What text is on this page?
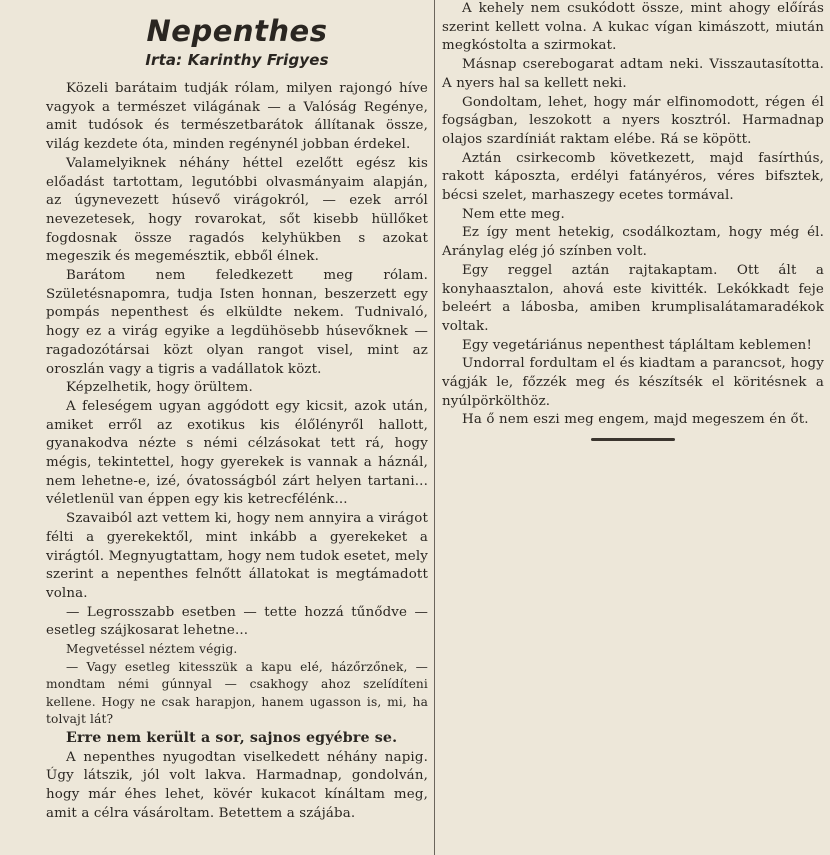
Nepenthes
Irta: Karinthy Frigyes

Közeli barátaim tudják rólam, milyen rajongó híve vagyok a természet világának — a Valóság Regénye, amit tudósok és természetbarátok állítanak össze, világ kezdete óta, minden regénynél jobban érdekel.

Valamelyiknek néhány héttel ezelőtt egész kis előadást tartottam, legutóbbi olvasmányaim alapján, az úgynevezett húsevő virágokról, — ezek arról nevezetesek, hogy rovarokat, sőt kisebb hüllőket fogdosnak össze ragadós kelyhükben s azokat megeszik és megemésztik, ebből élnek.

Barátom nem feledkezett meg rólam. Születésnapomra, tudja Isten honnan, beszerzett egy pompás nepenthest és elküldte nekem. Tudnivaló, hogy ez a virág egyike a legdühösebb húsevőknek — ragadozótársai közt olyan rangot visel, mint az oroszlán vagy a tigris a vadállatok közt.

Képzelhetik, hogy örültem.

A feleségem ugyan aggódott egy kicsit, azok után, amiket erről az exotikus kis élőlényről hallott, gyanakodva nézte s némi célzásokat tett rá, hogy mégis, tekintettel, hogy gyerekek is vannak a háznál, nem lehetne-e, izé, óvatosságból zárt helyen tartani... véletlenül van éppen egy kis ketrecfélénk...

Szavaiból azt vettem ki, hogy nem annyira a virágot félti a gyerekektől, mint inkább a gyerekeket a virágtól. Megnyugtattam, hogy nem tudok esetet, mely szerint a nepenthes felnőtt állatokat is megtámadott volna.

— Legrosszabb esetben — tette hozzá tűnődve — esetleg szájkosarat lehetne...

Megvetéssel néztem végig.

— Vagy esetleg kitesszük a kapu elé, házőrzőnek, — mondtam némi gúnnyal — csakhogy ahoz szelídíteni kellene. Hogy ne csak harapjon, hanem ugasson is, mi, ha tolvajt lát?

Erre nem került a sor, sajnos egyébre se.

A nepenthes nyugodtan viselkedett néhány napig. Úgy látszik, jól volt lakva. Harmadnap, gondolván, hogy már éhes lehet, kövér kukacot kínáltam meg, amit a célra vásároltam. Betettem a szájába.

A kehely nem csukódott össze, mint ahogy előírás szerint kellett volna. A kukac vígan kimászott, miután megkóstolta a szirmokat.

Másnap cserebogarat adtam neki. Visszautasította. A nyers hal sa kellett neki.

Gondoltam, lehet, hogy már elfinomodott, régen él fogságban, leszokott a nyers kosztról. Harmadnap olajos szardíniát raktam elébe. Rá se köpött.

Aztán csirkecomb következett, majd fasírthús, rakott káposzta, erdélyi fatányéros, véres bifsztek, bécsi szelet, marhaszegy ecetes tormával.

Nem ette meg.

Ez így ment hetekig, csodálkoztam, hogy még él. Aránylag elég jó színben volt.

Egy reggel aztán rajtakaptam. Ott ált a konyhaasztalon, ahová este kivitték. Lekókkadt feje beleért a lábosba, amiben krumplisalátamaradékok voltak.

Egy vegetáriánus nepenthest tápláltam keblemen!

Undorral fordultam el és kiadtam a parancsot, hogy vágják le, főzzék meg és készítsék el köritésnek a nyúlpörkölthöz.

Ha ő nem eszi meg engem, majd megeszem én őt.
